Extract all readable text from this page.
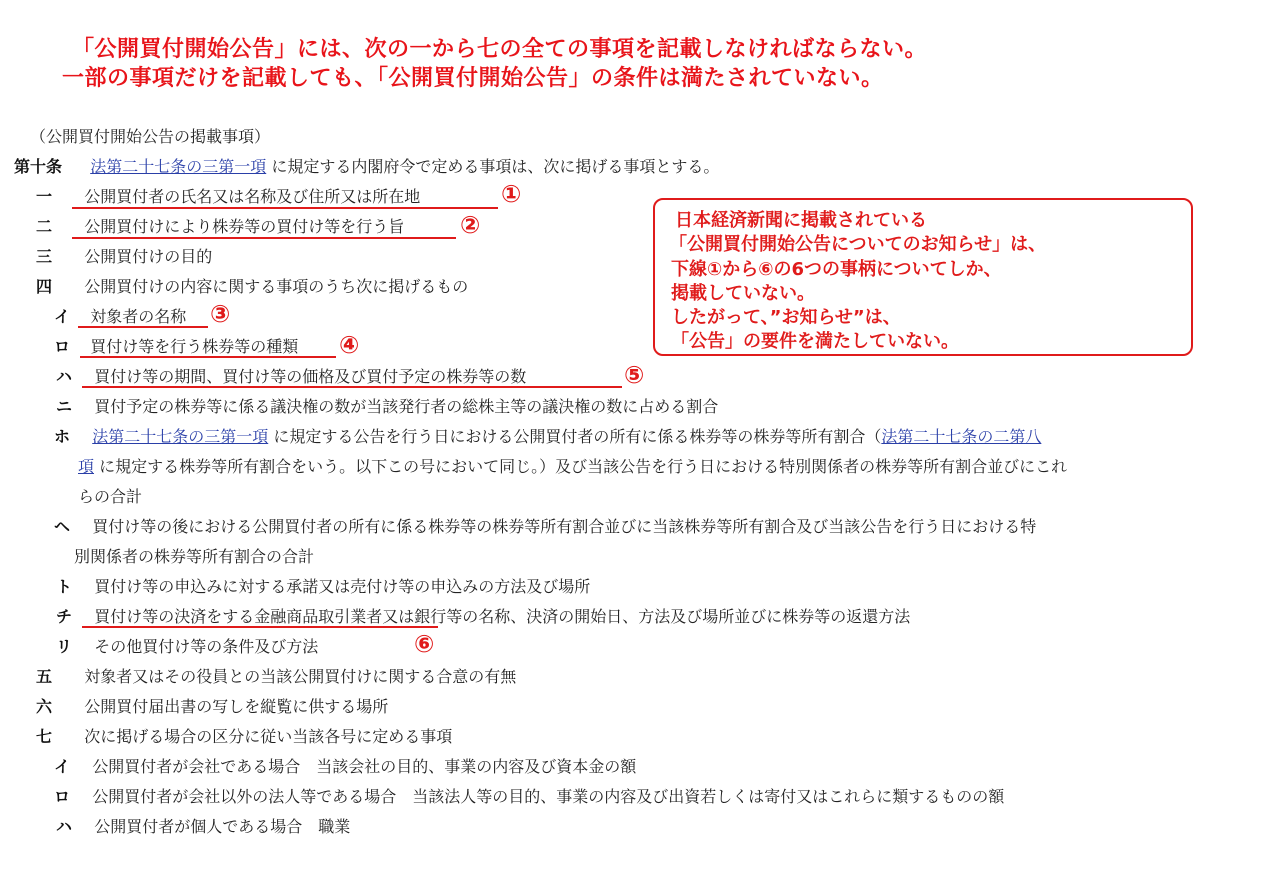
「公開買付開始公告」には、次の一から七の全ての事項を記載しなければならない。
一部の事項だけを記載しても、「公開買付開始公告」の条件は満たされていない。
（公開買付開始公告の掲載事項）
第十条 法第二十七条の三第一項 に規定する内閣府令で定める事項は、次に掲げる事項とする。
一 公開買付者の氏名又は名称及び住所又は所在地	①
二 公開買付けにより株券等の買付け等を行う旨 ②
三 公開買付けの目的
四 公開買付けの内容に関する事項のうち次に掲げるもの
イ 対象者の名称 ③
ロ 買付け等を行う株券等の種類 ④
ハ 買付け等の期間、買付け等の価格及び買付予定の株券等の数	⑤
ニ 買付予定の株券等に係る議決権の数が当該発行者の総株主等の議決権の数に占める割合
ホ 法第二十七条の三第一項 に規定する公告を行う日における公開買付者の所有に係る株券等の株券等所有割合（法第二十七条の二第八
項 に規定する株券等所有割合をいう。以下この号において同じ。）及び当該公告を行う日における特別関係者の株券等所有割合並びにこれ
らの合計
ヘ 買付け等の後における公開買付者の所有に係る株券等の株券等所有割合並びに当該株券等所有割合及び当該公告を行う日における特
別関係者の株券等所有割合の合計
ト 買付け等の申込みに対する承諾又は売付け等の申込みの方法及び場所
チ 買付け等の決済をする金融商品取引業者又は銀行等の名称、決済の開始日、方法及び場所並びに株券等の返還方法
リ その他買付け等の条件及び方法	⑥
五 対象者又はその役員との当該公開買付けに関する合意の有無
六 公開買付届出書の写しを縦覧に供する場所
七 次に掲げる場合の区分に従い当該各号に定める事項
イ 公開買付者が会社である場合　当該会社の目的、事業の内容及び資本金の額
ロ 公開買付者が会社以外の法人等である場合　当該法人等の目的、事業の内容及び出資若しくは寄付又はこれらに類するものの額
ハ 公開買付者が個人である場合　職業
日本経済新聞に掲載されている
「公開買付開始公告についてのお知らせ」は、
下線①から⑥の6つの事柄についてしか、
掲載していない。
したがって、”お知らせ”は、
「公告」の要件を満たしていない。
